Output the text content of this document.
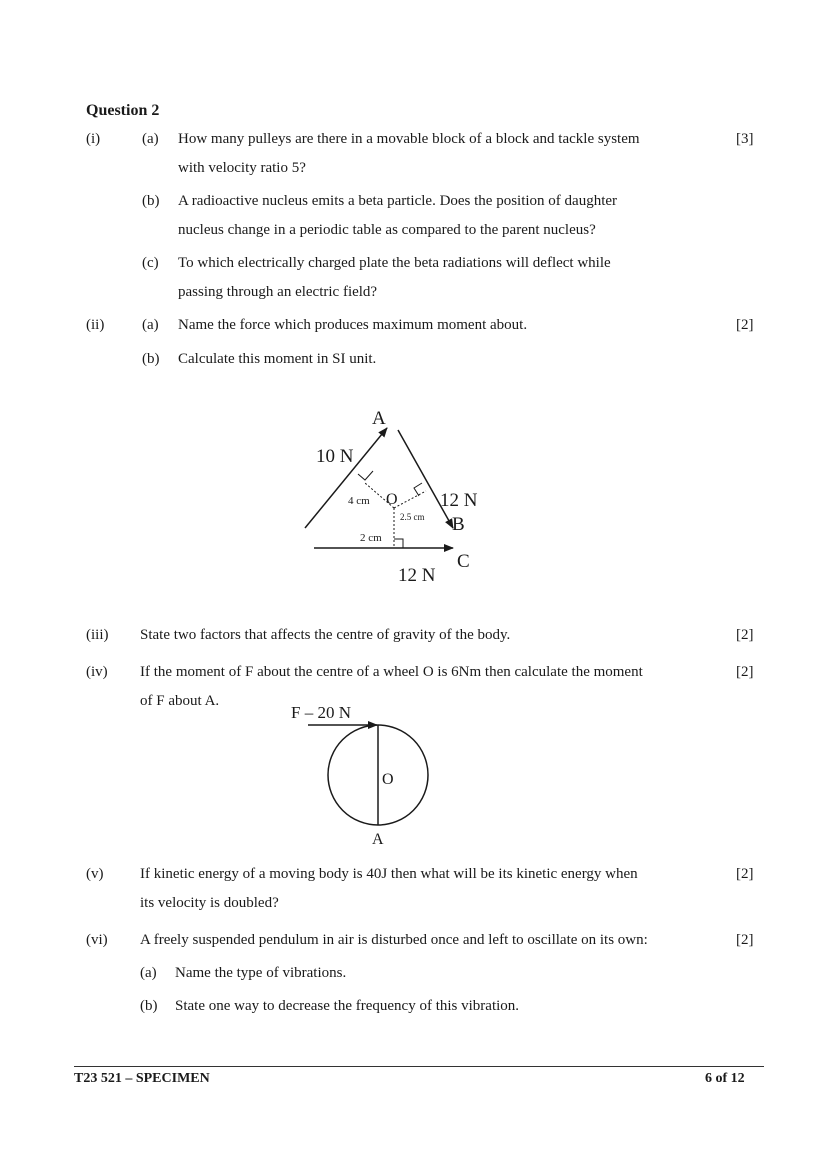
Question 2
(i)	[3]
(a) How many pulleys are there in a movable block of a block and tackle system
with velocity ratio 5?
(b) A radioactive nucleus emits a beta particle. Does the position of daughter
nucleus change in a periodic table as compared to the parent nucleus?
(c) To which electrically charged plate the beta radiations will deflect while
passing through an electric field?
(ii)	[2]
(a) Name the force which produces maximum moment about.
(b) Calculate this moment in SI unit.
A
10 N
4 cm O
2.5 cm
12 N
B
2 cm
12 N
C
(iii) State two factors that affects the centre of gravity of the body.	[2]
(iv) If the moment of F about the centre of a wheel O is 6Nm then calculate the moment	[2]
of F about A.
F – 20 N
O
A
(v) If kinetic energy of a moving body is 40J then what will be its kinetic energy when	[2]
its velocity is doubled?
(vi) A freely suspended pendulum in air is disturbed once and left to oscillate on its own:	[2]
(a) Name the type of vibrations.
(b) State one way to decrease the frequency of this vibration.
T23 521 – SPECIMEN	6 of 12
